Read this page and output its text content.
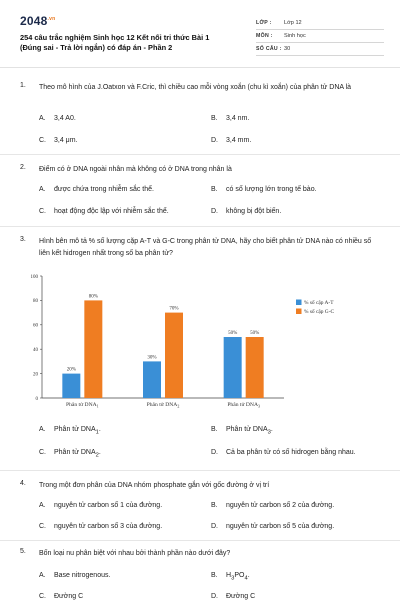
$2048^{.vn}$
254 câu trắc nghiệm Sinh học 12 Kết nối tri thức Bài 1 (Đúng sai - Trả lời ngắn) có đáp án - Phần 2
LỚP : Lớp 12
MÔN : Sinh học
SỐ CÂU : 30
1. Theo mô hình của J.Oatxon và F.Cric, thì chiều cao mỗi vòng xoắn (chu kì xoắn) của phân tử DNA là
A. 3,4 A0.	B. 3,4 nm.
C. 3,4 μm.	D. 3,4 mm.
2. Điểm có ở DNA ngoài nhân mà không có ở DNA trong nhân là
A. được chứa trong nhiễm sắc thể.	B. có số lượng lớn trong tế bào.
C. hoạt động độc lập với nhiễm sắc thể.	D. không bị đột biến.
3. Hình bên mô tả % số lượng cặp A-T và G-C trong phân tử DNA, hãy cho biết phân tử DNA nào có nhiều số liên kết hidrogen nhất trong số ba phân tử?
A. Phân tử $DNA_1$.	B. Phân tử $DNA_3$.
C. Phân tử $DNA_2$.	D. Cả ba phân tử có số hidrogen bằng nhau.
0
20
40
60
80
100
20%
80%
Phân tử $DNA_1$
30%
70%
Phân tử $DNA_2$
50%	50%
Phân tử $DNA_3$
% số cặp A-T
% số cặp G-C
4. Trong một đơn phân của DNA nhóm phosphate gắn với gốc đường ở vị trí
A. nguyên tử carbon số 1 của đường.	B. nguyên tử carbon số 2 của đường.
C. nguyên tử carbon số 3 của đường.	D. nguyên tử carbon số 5 của đường.
5. Bốn loại nu phân biệt với nhau bởi thành phần nào dưới đây?
A. Base nitrogenous.	B. $H_3PO_4$.
C. Đường C	D. Đường C
